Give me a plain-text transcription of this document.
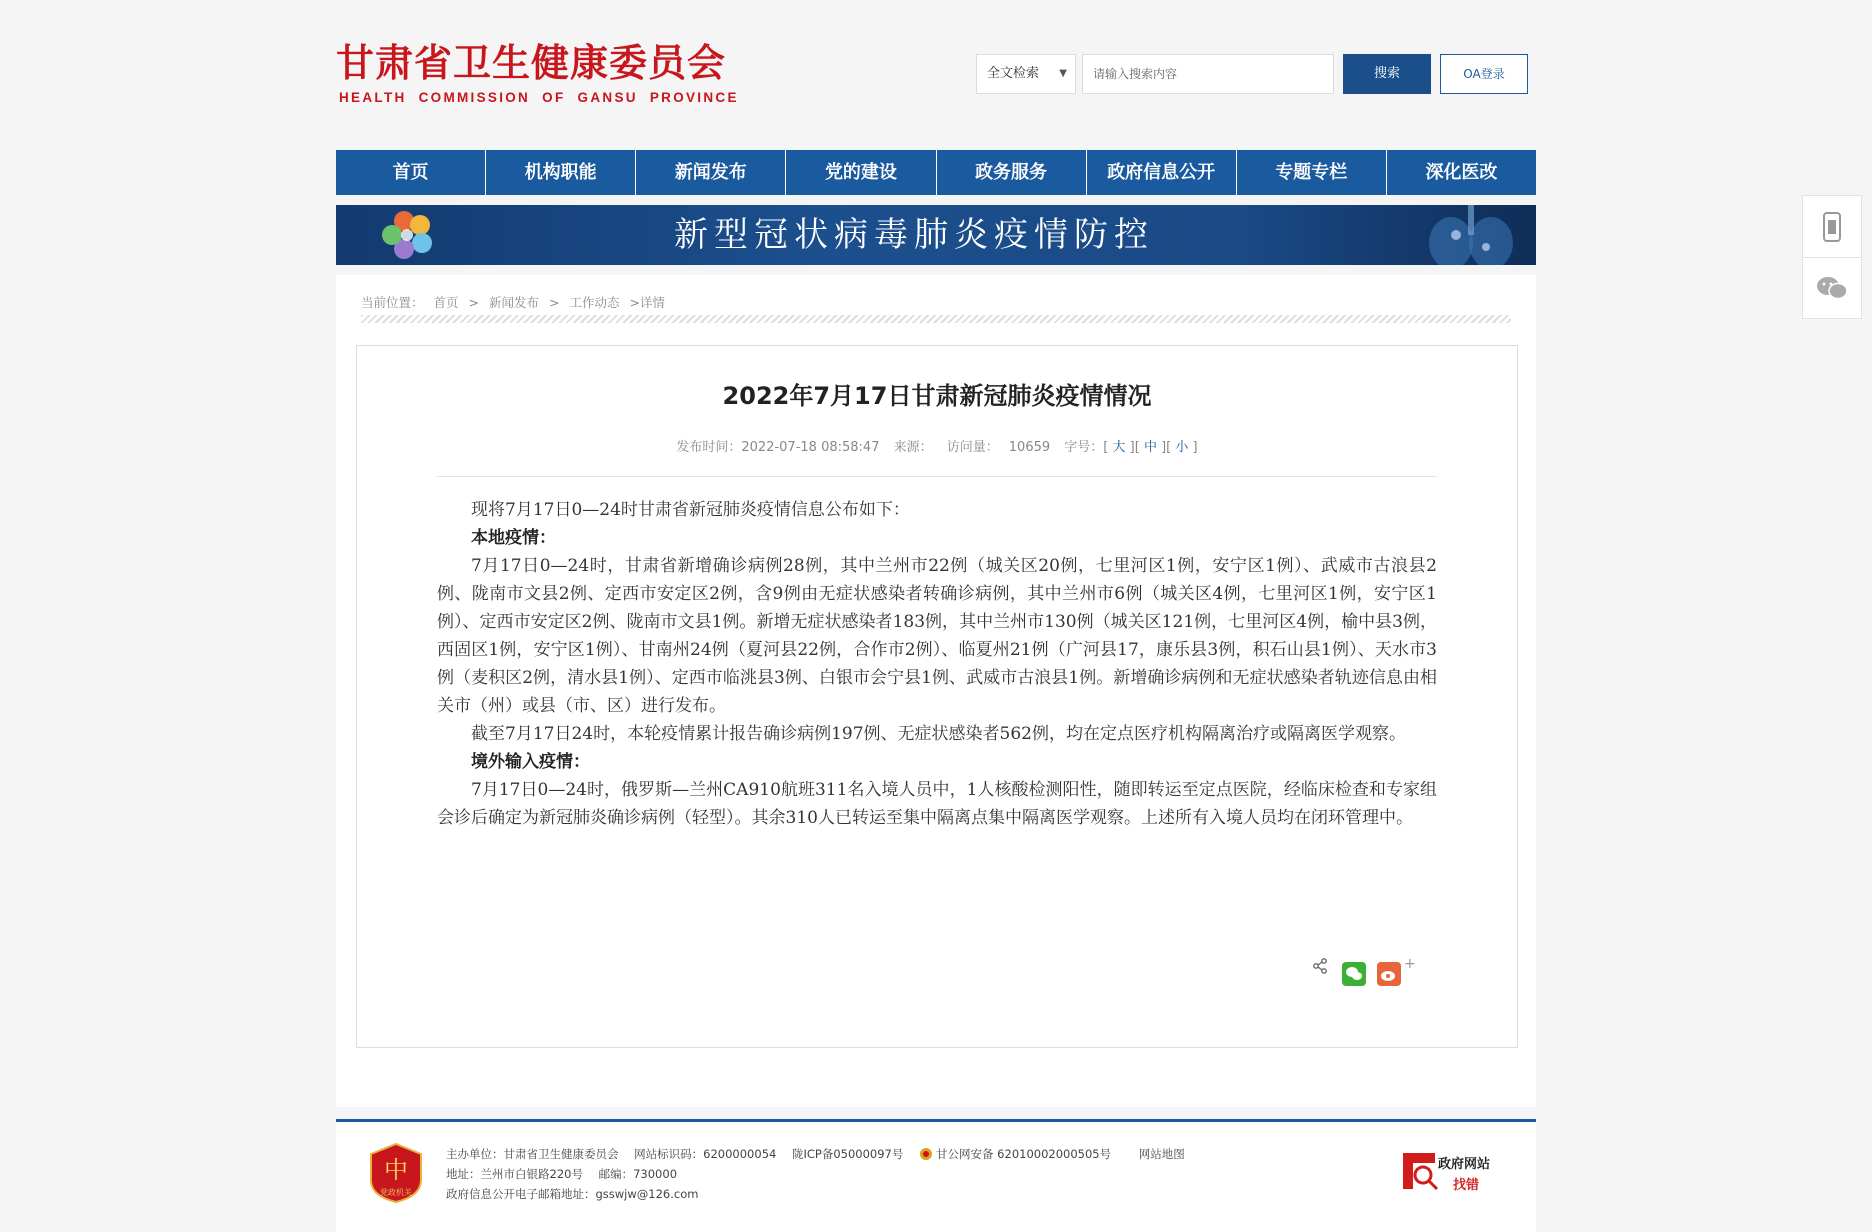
甘肃省卫生健康委员会
HEALTH COMMISSION OF GANSU PROVINCE
全文检索 ▼	请输入搜索内容	搜索	OA登录
首页	机构职能	新闻发布	党的建设	政务服务	政府信息公开	专题专栏	深化医改
新型冠状病毒肺炎疫情防控
当前位置： 首页 > 新闻发布 > 工作动态 >详情
2022年7月17日甘肃新冠肺炎疫情情况
发布时间：2022-07-18 08:58:47 来源： 访问量： 10659 字号：[ 大 ][ 中 ][ 小 ]

现将7月17日0—24时甘肃省新冠肺炎疫情信息公布如下：

本地疫情：

7月17日0—24时，甘肃省新增确诊病例28例，其中兰州市22例（城关区20例，七里河区1例，安宁区1例）、武威市古浪县2例、陇南市文县2例、定西市安定区2例，含9例由无症状感染者转确诊病例，其中兰州市6例（城关区4例，七里河区1例，安宁区1例）、定西市安定区2例、陇南市文县1例。新增无症状感染者183例，其中兰州市130例（城关区121例，七里河区4例，榆中县3例，西固区1例，安宁区1例）、甘南州24例（夏河县22例，合作市2例）、临夏州21例（广河县17，康乐县3例，积石山县1例）、天水市3例（麦积区2例，清水县1例）、定西市临洮县3例、白银市会宁县1例、武威市古浪县1例。新增确诊病例和无症状感染者轨迹信息由相关市（州）或县（市、区）进行发布。

截至7月17日24时，本轮疫情累计报告确诊病例197例、无症状感染者562例，均在定点医疗机构隔离治疗或隔离医学观察。

境外输入疫情：

7月17日0—24时，俄罗斯—兰州CA910航班311名入境人员中，1人核酸检测阳性，随即转运至定点医院，经临床检查和专家组会诊后确定为新冠肺炎确诊病例（轻型）。其余310人已转运至集中隔离点集中隔离医学观察。上述所有入境人员均在闭环管理中。

+
中
党政机关
主办单位：甘肃省卫生健康委员会 网站标识码：6200000054 陇ICP备05000097号	甘公网安备 62010002000505号 网站地图
地址：兰州市白银路220号 邮编：730000
政府信息公开电子邮箱地址：gsswjw@126.com
政府网站
找错
